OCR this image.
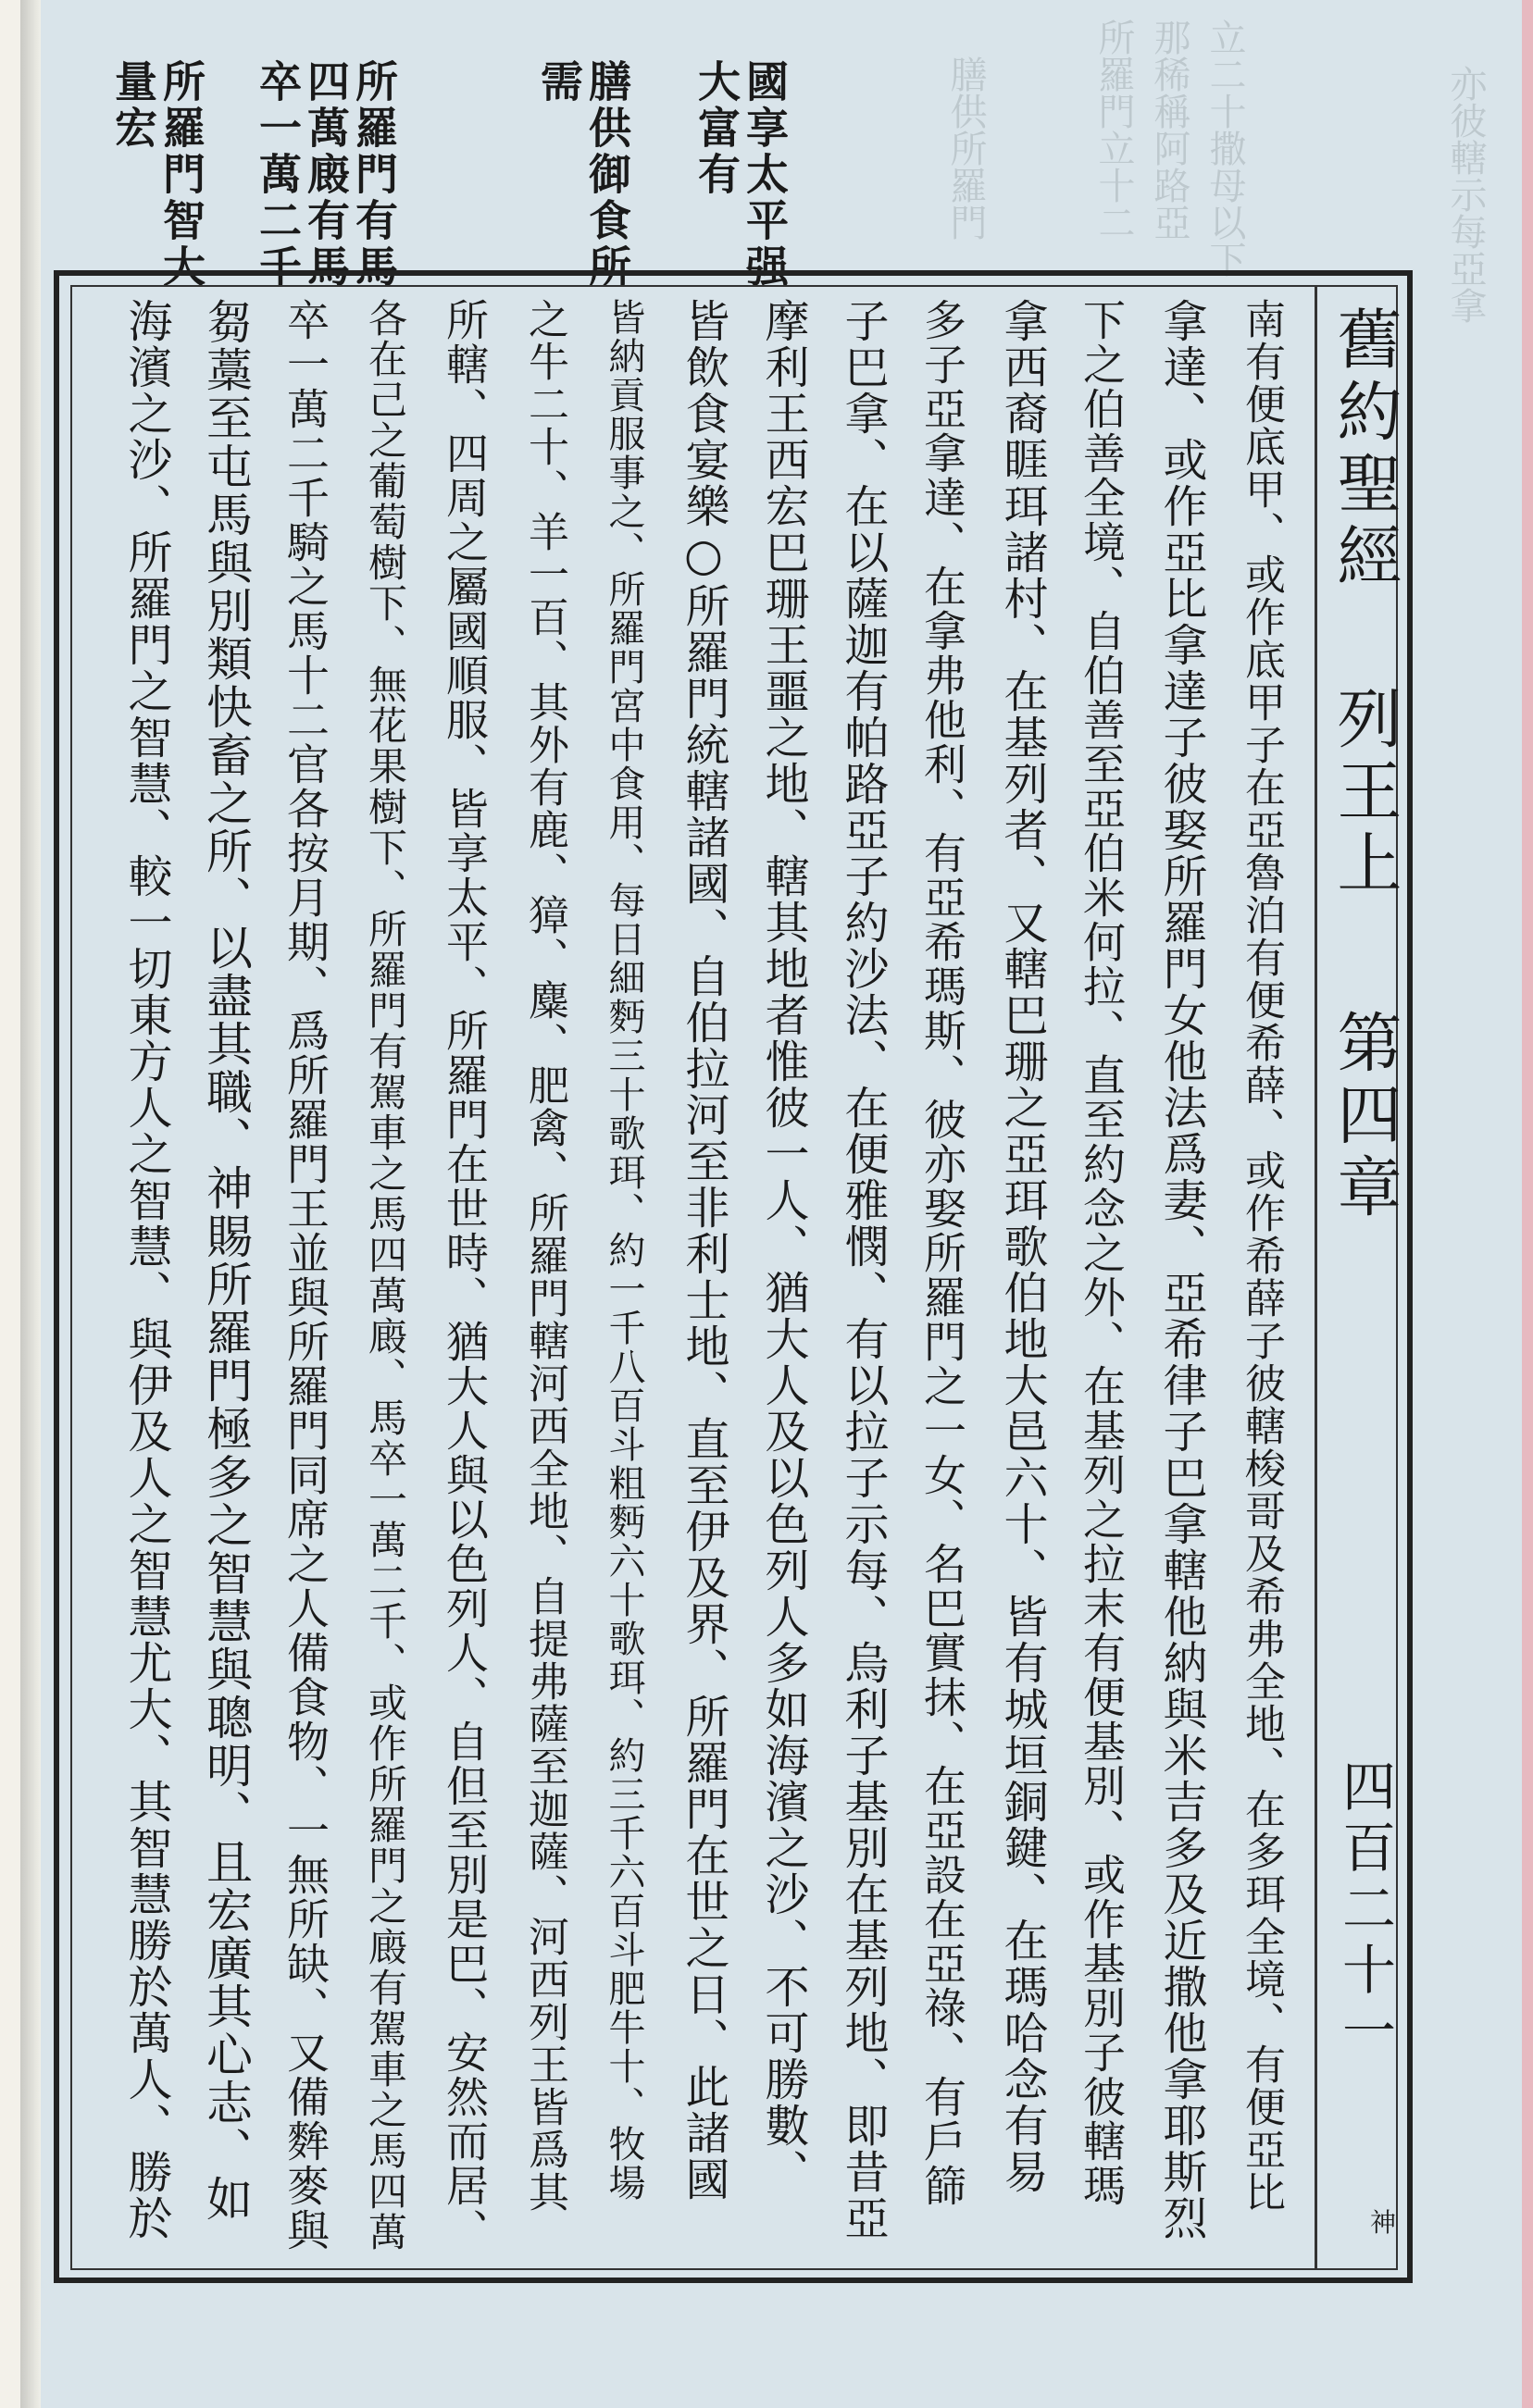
亦彼轄示每亞拿
立二十撒母以下
那稀稱阿路亞
所羅門立十二
膳供所羅門
國享太平强
大富有
膳供御食所
需
所羅門有馬
四萬廄有馬
卒一萬二千
所羅門智大
量宏
舊約聖經
列王上
第四章
四百二十一
神
南有便底甲、或作底甲子在亞魯泊有便希薛、或作希薛子彼轄梭哥及希弗全地、在多珥全境、有便亞比
拿達、或作亞比拿達子彼娶所羅門女他法爲妻、亞希律子巴拿轄他納與米吉多及近撒他拿耶斯烈
下之伯善全境、自伯善至亞伯米何拉、直至約念之外、在基列之拉末有便基別、或作基別子彼轄瑪
拿西裔睚珥諸村、在基列者、又轄巴珊之亞珥歌伯地大邑六十、皆有城垣銅鍵、在瑪哈念有易
多子亞拿達、在拿弗他利、有亞希瑪斯、彼亦娶所羅門之一女、名巴實抹、在亞設在亞祿、有戶篩
子巴拿、在以薩迦有帕路亞子約沙法、在便雅憫、有以拉子示每、烏利子基別在基列地、即昔亞
摩利王西宏巴珊王噩之地、轄其地者惟彼一人、猶大人及以色列人多如海濱之沙、不可勝數、
皆飲食宴樂○所羅門統轄諸國、自伯拉河至非利士地、直至伊及界、所羅門在世之日、此諸國
皆納貢服事之、所羅門宮中食用、每日細麪三十歌珥、約一千八百斗粗麪六十歌珥、約三千六百斗肥牛十、牧場
之牛二十、羊一百、其外有鹿、獐、麋、肥禽、所羅門轄河西全地、自提弗薩至迦薩、河西列王皆爲其
所轄、四周之屬國順服、皆享太平、所羅門在世時、猶大人與以色列人、自但至別是巴、安然而居、
各在己之葡萄樹下、無花果樹下、所羅門有駕車之馬四萬廄、馬卒一萬二千、或作所羅門之廄有駕車之馬四萬
卒一萬二千騎之馬十二官各按月期、爲所羅門王並與所羅門同席之人備食物、一無所缺、又備麰麥與
芻藁至屯馬與別類快畜之所、以盡其職、神賜所羅門極多之智慧與聰明、且宏廣其心志、如
海濱之沙、所羅門之智慧、較一切東方人之智慧、與伊及人之智慧尤大、其智慧勝於萬人、勝於
